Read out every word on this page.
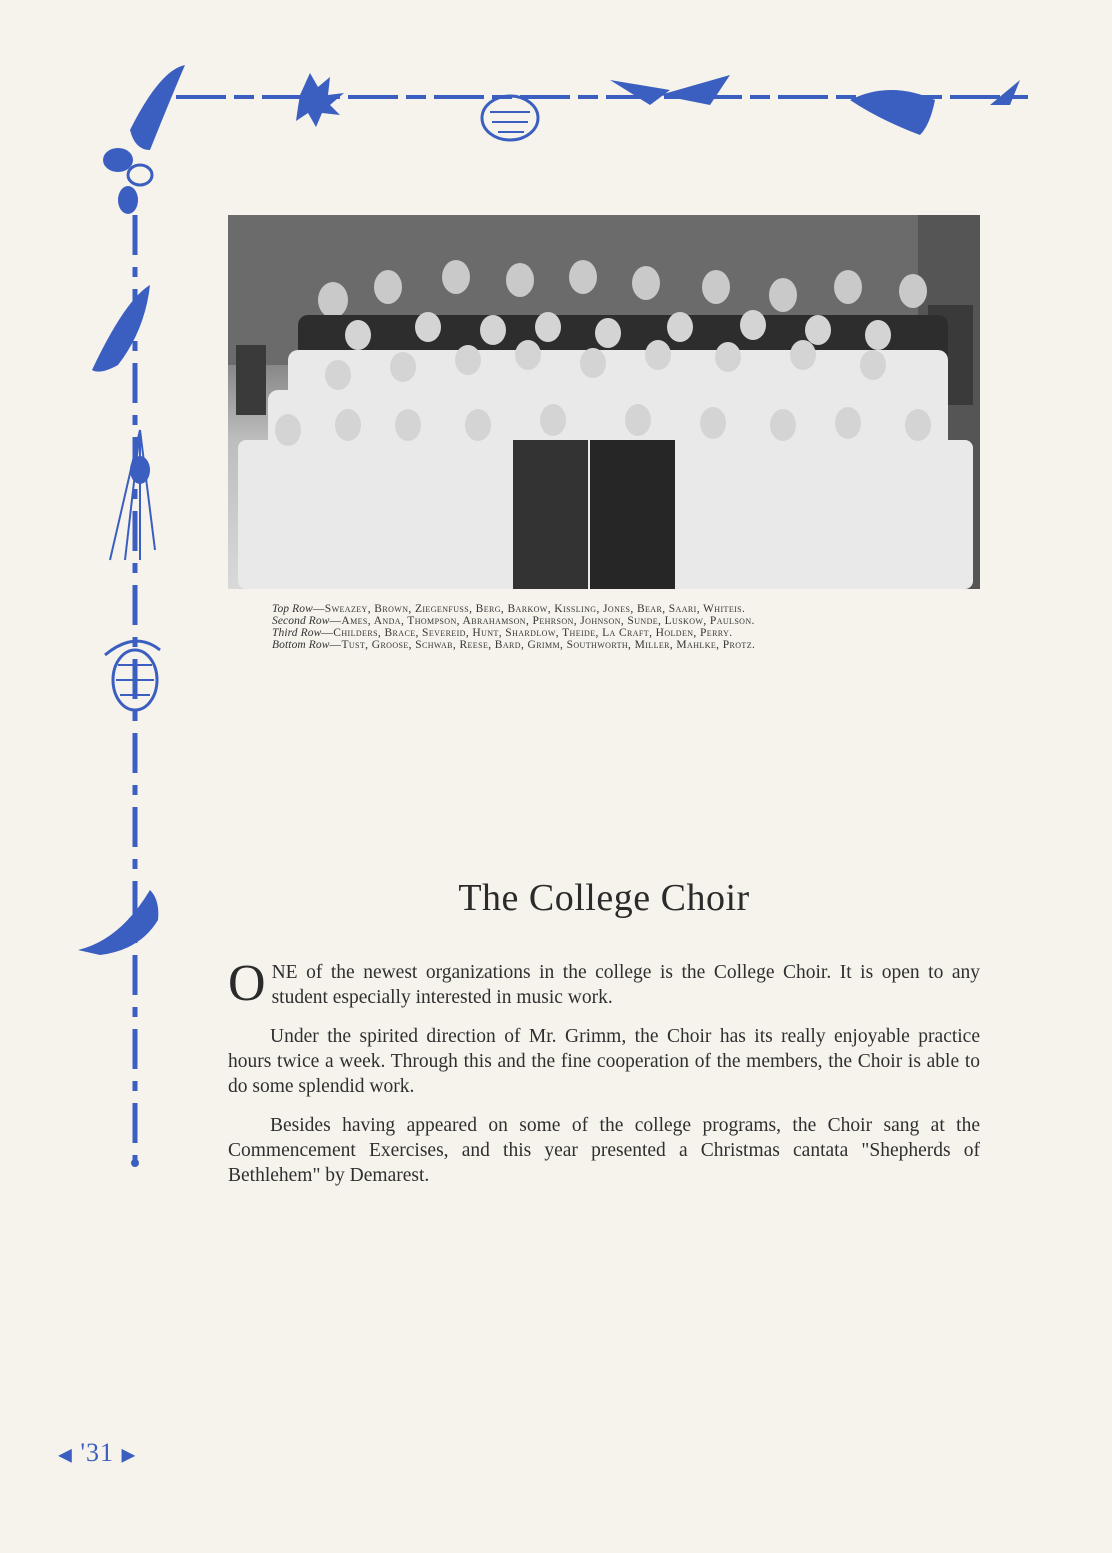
Top Row—Sweazey, Brown, Ziegenfuss, Berg, Barkow, Kissling, Jones, Bear, Saari, Whiteis.
Second Row—Ames, Anda, Thompson, Abrahamson, Pehrson, Johnson, Sunde, Luskow, Paulson.
Third Row—Childers, Brace, Severeid, Hunt, Shardlow, Theide, La Craft, Holden, Perry.
Bottom Row—Tust, Groose, Schwab, Reese, Bard, Grimm, Southworth, Miller, Mahlke, Protz.
The College Choir

ONE of the newest organizations in the college is the College Choir. It is open to any student especially interested in music work.

Under the spirited direction of Mr. Grimm, the Choir has its really enjoyable practice hours twice a week. Through this and the fine cooperation of the members, the Choir is able to do some splendid work.

Besides having appeared on some of the college programs, the Choir sang at the Commencement Exercises, and this year presented a Christmas cantata "Shepherds of Bethlehem" by Demarest.

◀ '31 ▶
